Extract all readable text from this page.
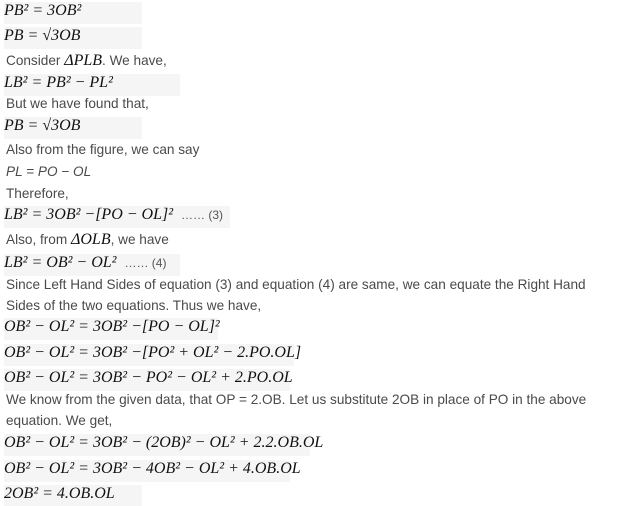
PB² = 3OB²
PB = √3OB
Consider ΔPLB. We have,
LB² = PB² − PL²
But we have found that,
PB = √3OB
Also from the figure, we can say
PL = PO − OL
Therefore,
LB² = 3OB² −[PO − OL]² …… (3)
Also, from ΔOLB, we have
LB² = OB² − OL² …… (4)
Since Left Hand Sides of equation (3) and equation (4) are same, we can equate the Right Hand
Sides of the two equations. Thus we have,
OB² − OL² = 3OB² −[PO − OL]²
OB² − OL² = 3OB² −[PO² + OL² − 2.PO.OL]
OB² − OL² = 3OB² − PO² − OL² + 2.PO.OL
We know from the given data, that OP = 2.OB. Let us substitute 2OB in place of PO in the above
equation. We get,
OB² − OL² = 3OB² − (2OB)² − OL² + 2.2.OB.OL
OB² − OL² = 3OB² − 4OB² − OL² + 4.OB.OL
2OB² = 4.OB.OL
